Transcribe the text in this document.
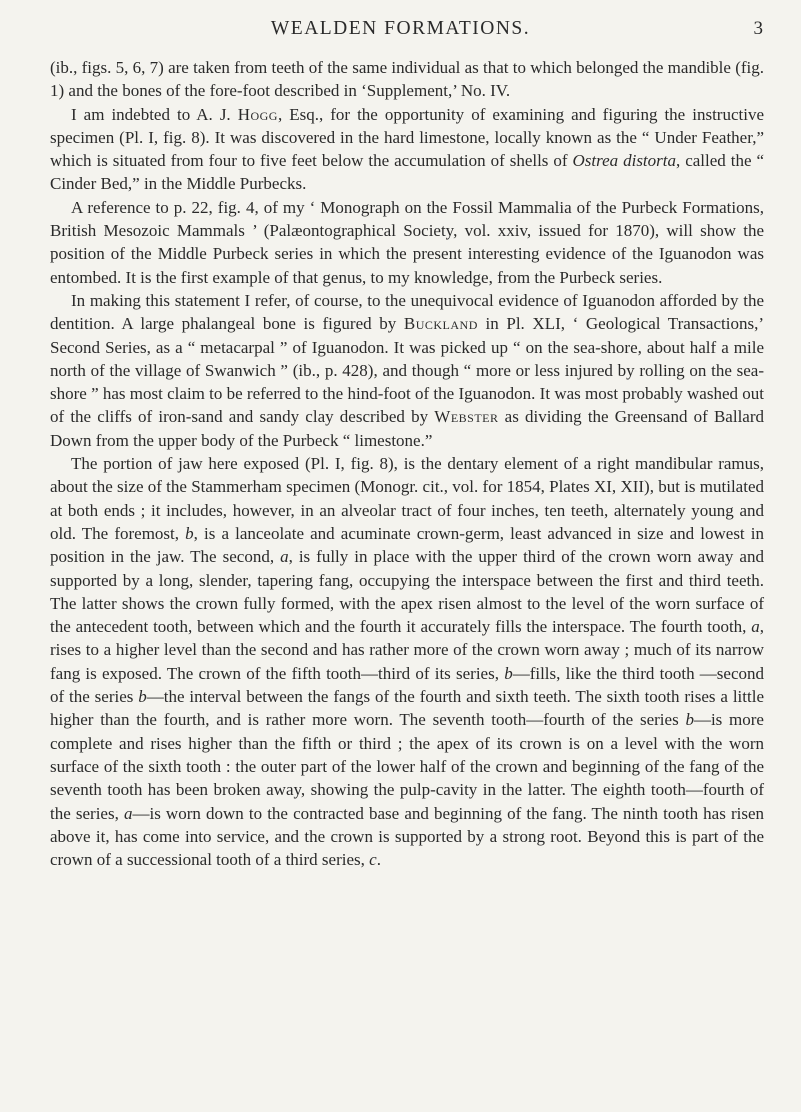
WEALDEN FORMATIONS.	3

(ib., figs. 5, 6, 7) are taken from teeth of the same individual as that to which belonged the mandible (fig. 1) and the bones of the fore-foot described in ‘Supplement,’ No. IV.

I am indebted to A. J. Hogg, Esq., for the opportunity of examining and figuring the instructive specimen (Pl. I, fig. 8). It was discovered in the hard limestone, locally known as the “ Under Feather,” which is situated from four to five feet below the accumulation of shells of Ostrea distorta, called the “ Cinder Bed,” in the Middle Purbecks.

A reference to p. 22, fig. 4, of my ‘ Monograph on the Fossil Mammalia of the Purbeck Formations, British Mesozoic Mammals ’ (Palæontographical Society, vol. xxiv, issued for 1870), will show the position of the Middle Purbeck series in which the present interesting evidence of the Iguanodon was entombed. It is the first example of that genus, to my knowledge, from the Purbeck series.

In making this statement I refer, of course, to the unequivocal evidence of Iguanodon afforded by the dentition. A large phalangeal bone is figured by Buckland in Pl. XLI, ‘ Geological Transactions,’ Second Series, as a “ metacarpal ” of Iguanodon. It was picked up “ on the sea-shore, about half a mile north of the village of Swanwich ” (ib., p. 428), and though “ more or less injured by rolling on the sea-shore ” has most claim to be referred to the hind-foot of the Iguanodon. It was most probably washed out of the cliffs of iron-sand and sandy clay described by Webster as dividing the Greensand of Ballard Down from the upper body of the Purbeck “ limestone.”

The portion of jaw here exposed (Pl. I, fig. 8), is the dentary element of a right mandibular ramus, about the size of the Stammerham specimen (Monogr. cit., vol. for 1854, Plates XI, XII), but is mutilated at both ends ; it includes, however, in an alveolar tract of four inches, ten teeth, alternately young and old. The foremost, b, is a lanceolate and acuminate crown-germ, least advanced in size and lowest in position in the jaw. The second, a, is fully in place with the upper third of the crown worn away and supported by a long, slender, tapering fang, occupying the interspace between the first and third teeth. The latter shows the crown fully formed, with the apex risen almost to the level of the worn surface of the antecedent tooth, between which and the fourth it accurately fills the interspace. The fourth tooth, a, rises to a higher level than the second and has rather more of the crown worn away ; much of its narrow fang is exposed. The crown of the fifth tooth—third of its series, b—fills, like the third tooth —second of the series b—the interval between the fangs of the fourth and sixth teeth. The sixth tooth rises a little higher than the fourth, and is rather more worn. The seventh tooth—fourth of the series b—is more complete and rises higher than the fifth or third ; the apex of its crown is on a level with the worn surface of the sixth tooth : the outer part of the lower half of the crown and beginning of the fang of the seventh tooth has been broken away, showing the pulp-cavity in the latter. The eighth tooth—fourth of the series, a—is worn down to the contracted base and beginning of the fang. The ninth tooth has risen above it, has come into service, and the crown is supported by a strong root. Beyond this is part of the crown of a successional tooth of a third series, c.
